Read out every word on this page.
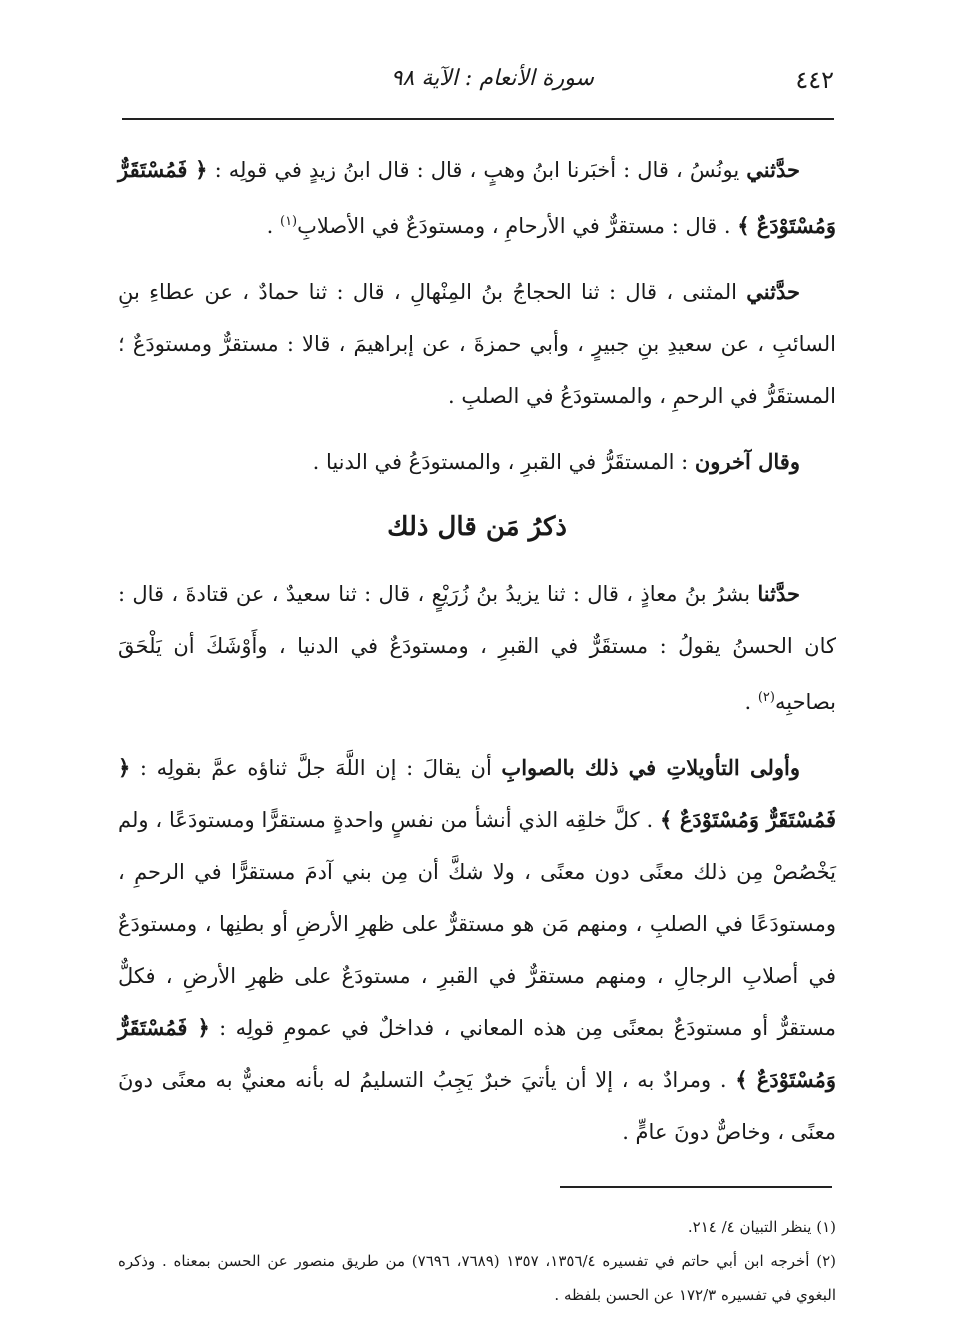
٤٤٢
سورة الأنعام : الآية ٩٨

حدَّثني يونُسُ ، قال : أخبَرنا ابنُ وهبٍ ، قال : قال ابنُ زيدٍ في قولِه : ﴿ فَمُسْتَقَرٌّ وَمُسْتَوْدَعٌ ﴾ . قال : مستقرٌّ في الأرحامِ ، ومستودَعٌ في الأصلابِ$^{(١)}$ .

حدَّثني المثنى ، قال : ثنا الحجاجُ بنُ المِنْهالِ ، قال : ثنا حمادٌ ، عن عطاءِ بنِ السائبِ ، عن سعيدِ بنِ جبيرٍ ، وأبي حمزةَ ، عن إبراهيمَ ، قالا : مستقرٌّ ومستودَعٌ ؛ المستقَرُّ في الرحمِ ، والمستودَعُ في الصلبِ .

وقال آخرون : المستقَرُّ في القبرِ ، والمستودَعُ في الدنيا .

ذكرُ مَن قال ذلك

حدَّثنا بشرُ بنُ معاذٍ ، قال : ثنا يزيدُ بنُ زُرَيْعٍ ، قال : ثنا سعيدٌ ، عن قتادةَ ، قال : كان الحسنُ يقولُ : مستقَرٌّ في القبرِ ، ومستودَعٌ في الدنيا ، وأَوْشَكَ أن يَلْحَقَ بصاحبِه$^{(٢)}$ .

وأولى التأويلاتِ في ذلك بالصوابِ أن يقالَ : إن اللَّهَ جلَّ ثناؤه عمَّ بقولِه : ﴿ فَمُسْتَقَرٌّ وَمُسْتَوْدَعٌ ﴾ . كلَّ خلقِه الذي أنشأ من نفسٍ واحدةٍ مستقرًّا ومستودَعًا ، ولم يَخْصُصْ مِن ذلك معنًى دون معنًى ، ولا شكَّ أن مِن بني آدمَ مستقرًّا في الرحمِ ، ومستودَعًا في الصلبِ ، ومنهم مَن هو مستقرٌّ على ظهرِ الأرضِ أو بطنِها ، ومستودَعٌ في أصلابِ الرجالِ ، ومنهم مستقرٌّ في القبرِ ، مستودَعٌ على ظهرِ الأرضِ ، فكلٌّ مستقرٌّ أو مستودَعٌ بمعنًى مِن هذه المعاني ، فداخلٌ في عمومِ قولِه : ﴿ فَمُسْتَقَرٌّ وَمُسْتَوْدَعٌ ﴾ . ومرادٌ به ، إلا أن يأتيَ خبرٌ يَجِبُ التسليمُ له بأنه معنيٌّ به معنًى دونَ معنًى ، وخاصٌّ دونَ عامٍّ .

(١) ينظر التبيان ٤/ ٢١٤.

(٢) أخرجه ابن أبي حاتم في تفسيره ١٣٥٦/٤، ١٣٥٧ (٧٦٨٩، ٧٦٩٦) من طريق منصور عن الحسن بمعناه . وذكره البغوي في تفسيره ١٧٢/٣ عن الحسن بلفظه .
